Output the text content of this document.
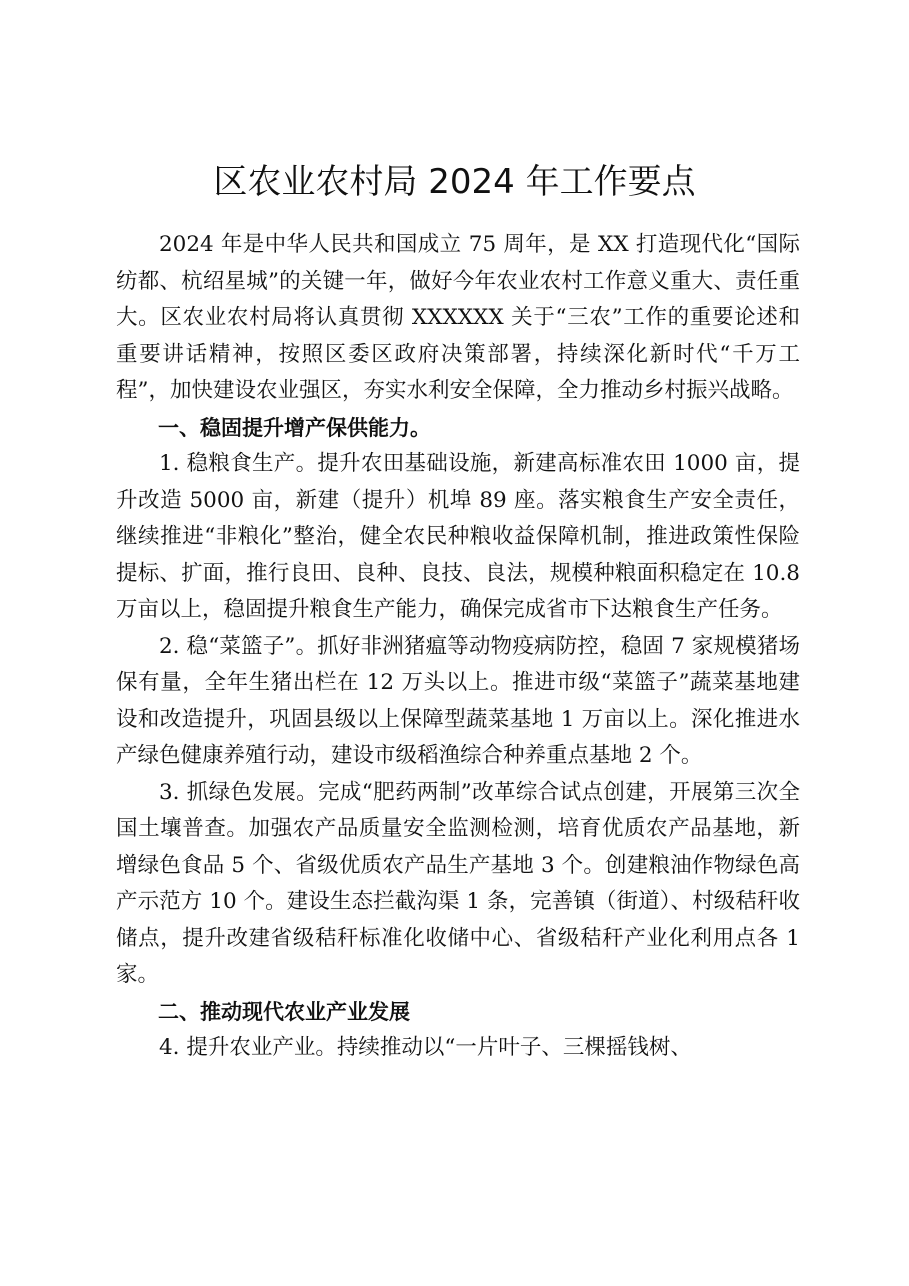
区农业农村局 2024 年工作要点

2024 年是中华人民共和国成立 75 周年，是 XX 打造现代化“国际纺都、杭绍星城”的关键一年，做好今年农业农村工作意义重大、责任重大。区农业农村局将认真贯彻 XXXXXX 关于“三农”工作的重要论述和重要讲话精神，按照区委区政府决策部署，持续深化新时代“千万工程”，加快建设农业强区，夯实水利安全保障，全力推动乡村振兴战略。

一、稳固提升增产保供能力。

1. 稳粮食生产。提升农田基础设施，新建高标准农田 1000 亩，提升改造 5000 亩，新建（提升）机埠 89 座。落实粮食生产安全责任，继续推进“非粮化”整治，健全农民种粮收益保障机制，推进政策性保险提标、扩面，推行良田、良种、良技、良法，规模种粮面积稳定在 10.8 万亩以上，稳固提升粮食生产能力，确保完成省市下达粮食生产任务。

2. 稳“菜篮子”。抓好非洲猪瘟等动物疫病防控，稳固 7 家规模猪场保有量，全年生猪出栏在 12 万头以上。推进市级“菜篮子”蔬菜基地建设和改造提升，巩固县级以上保障型蔬菜基地 1 万亩以上。深化推进水产绿色健康养殖行动，建设市级稻渔综合种养重点基地 2 个。

3. 抓绿色发展。完成“肥药两制”改革综合试点创建，开展第三次全国土壤普查。加强农产品质量安全监测检测，培育优质农产品基地，新增绿色食品 5 个、省级优质农产品生产基地 3 个。创建粮油作物绿色高产示范方 10 个。建设生态拦截沟渠 1 条，完善镇（街道）、村级秸秆收储点，提升改建省级秸秆标准化收储中心、省级秸秆产业化利用点各 1 家。

二、推动现代农业产业发展

4. 提升农业产业。持续推动以“一片叶子、三棵摇钱树、
